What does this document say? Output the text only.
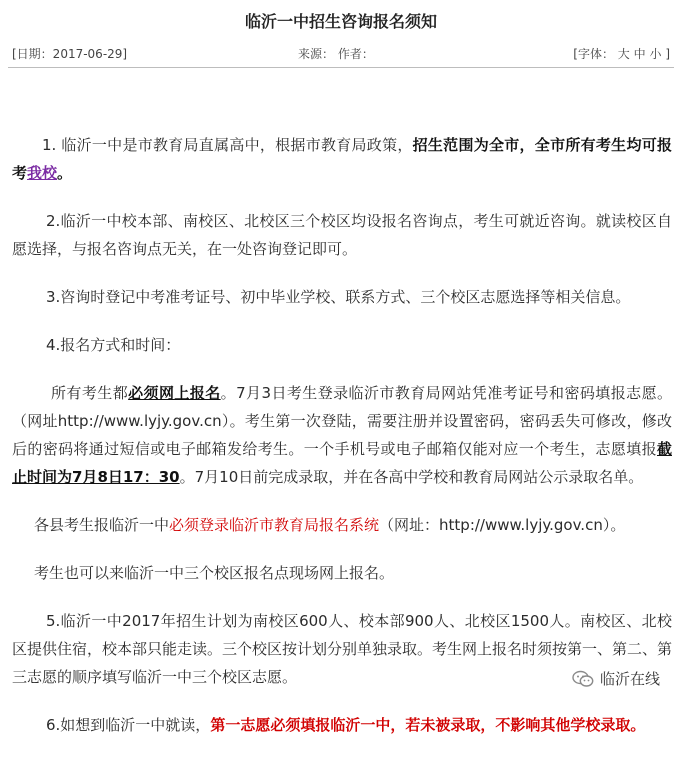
临沂一中招生咨询报名须知
[日期：2017-06-29]	来源： 作者：	[字体： 大 中 小 ]

1. 临沂一中是市教育局直属高中，根据市教育局政策，招生范围为全市，全市所有考生均可报考我校。

2.临沂一中校本部、南校区、北校区三个校区均设报名咨询点，考生可就近咨询。就读校区自愿选择，与报名咨询点无关，在一处咨询登记即可。

3.咨询时登记中考准考证号、初中毕业学校、联系方式、三个校区志愿选择等相关信息。

4.报名方式和时间：

所有考生都必须网上报名。7月3日考生登录临沂市教育局网站凭准考证号和密码填报志愿。（网址http://www.lyjy.gov.cn）。考生第一次登陆，需要注册并设置密码，密码丢失可修改，修改后的密码将通过短信或电子邮箱发给考生。一个手机号或电子邮箱仅能对应一个考生，志愿填报截止时间为7月8日17：30。7月10日前完成录取，并在各高中学校和教育局网站公示录取名单。

各县考生报临沂一中必须登录临沂市教育局报名系统（网址：http://www.lyjy.gov.cn）。

考生也可以来临沂一中三个校区报名点现场网上报名。

5.临沂一中2017年招生计划为南校区600人、校本部900人、北校区1500人。南校区、北校区提供住宿，校本部只能走读。三个校区按计划分别单独录取。考生网上报名时须按第一、第二、第三志愿的顺序填写临沂一中三个校区志愿。

6.如想到临沂一中就读，第一志愿必须填报临沂一中，若未被录取，不影响其他学校录取。

临沂在线
